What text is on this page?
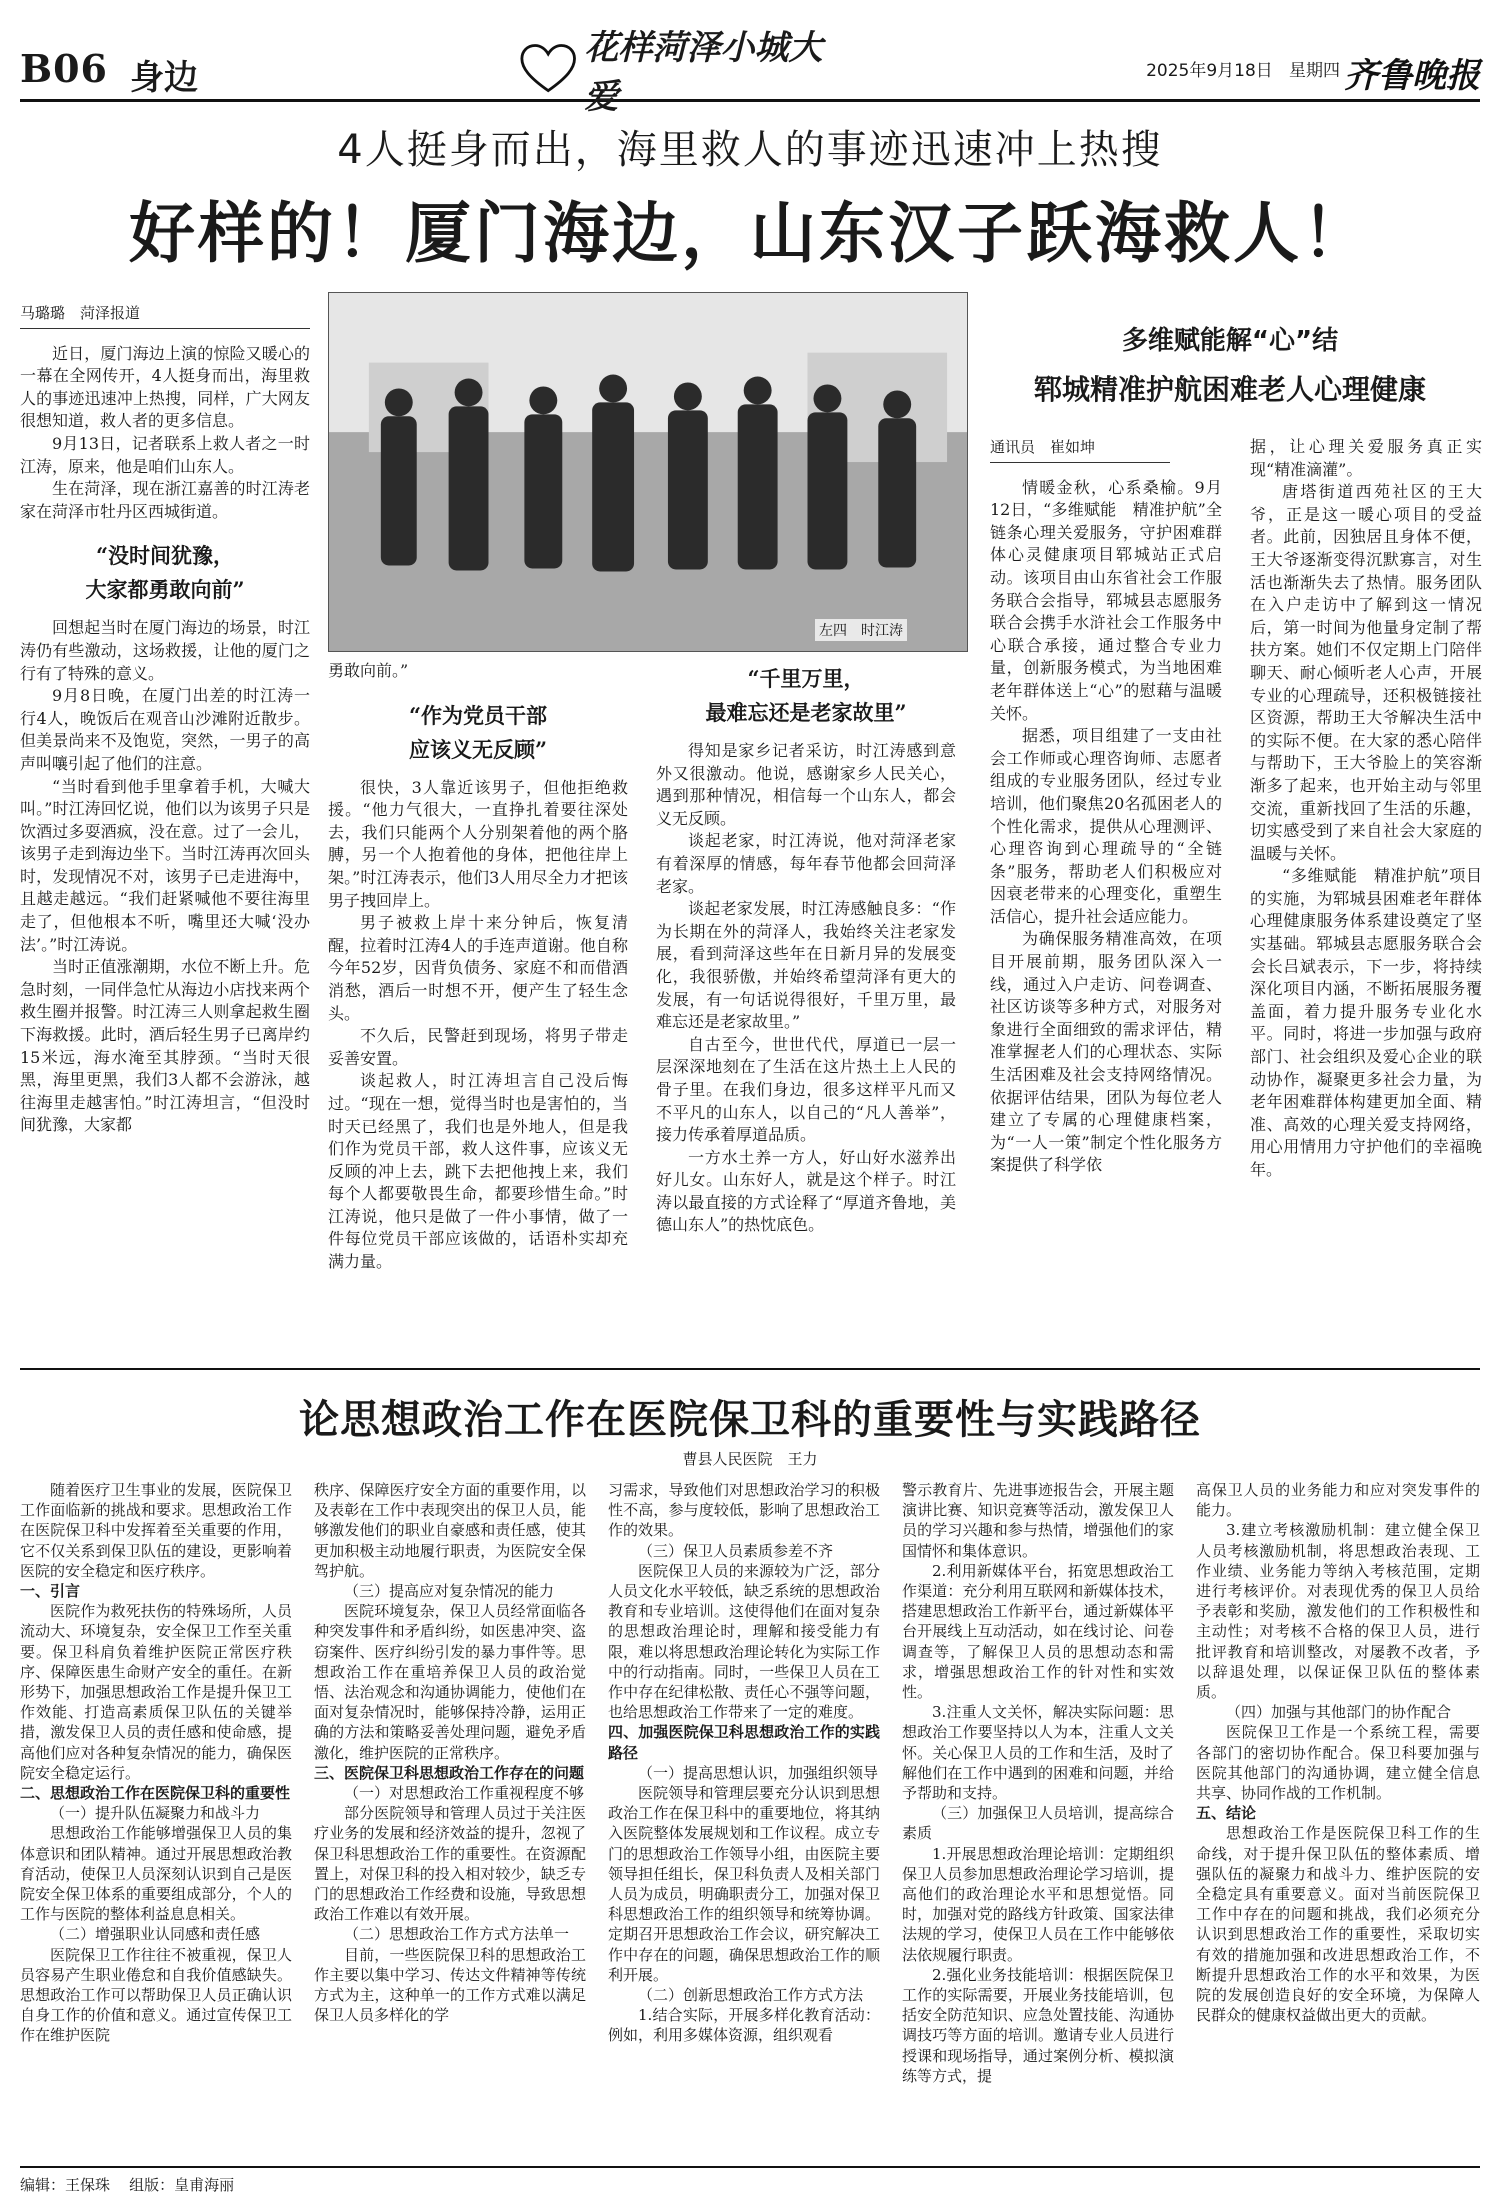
B06 身边
花样菏泽小城大爱
2025年9月18日 星期四 齐鲁晚报
4人挺身而出，海里救人的事迹迅速冲上热搜
好样的！厦门海边，山东汉子跃海救人！
马璐璐　菏泽报道

近日，厦门海边上演的惊险又暖心的一幕在全网传开，4人挺身而出，海里救人的事迹迅速冲上热搜，同样，广大网友很想知道，救人者的更多信息。

9月13日，记者联系上救人者之一时江涛，原来，他是咱们山东人。

生在菏泽，现在浙江嘉善的时江涛老家在菏泽市牡丹区西城街道。

“没时间犹豫，
大家都勇敢向前”

回想起当时在厦门海边的场景，时江涛仍有些激动，这场救援，让他的厦门之行有了特殊的意义。

9月8日晚，在厦门出差的时江涛一行4人，晚饭后在观音山沙滩附近散步。但美景尚来不及饱览，突然，一男子的高声叫嚷引起了他们的注意。

“当时看到他手里拿着手机，大喊大叫。”时江涛回忆说，他们以为该男子只是饮酒过多耍酒疯，没在意。过了一会儿，该男子走到海边坐下。当时江涛再次回头时，发现情况不对，该男子已走进海中，且越走越远。“我们赶紧喊他不要往海里走了，但他根本不听，嘴里还大喊‘没办法’。”时江涛说。

当时正值涨潮期，水位不断上升。危急时刻，一同伴急忙从海边小店找来两个救生圈并报警。时江涛三人则拿起救生圈下海救援。此时，酒后轻生男子已离岸约15米远，海水淹至其脖颈。“当时天很黑，海里更黑，我们3人都不会游泳，越往海里走越害怕。”时江涛坦言，“但没时间犹豫，大家都

左四　时江涛

勇敢向前。”

“作为党员干部
应该义无反顾”

很快，3人靠近该男子，但他拒绝救援。“他力气很大，一直挣扎着要往深处去，我们只能两个人分别架着他的两个胳膊，另一个人抱着他的身体，把他往岸上架。”时江涛表示，他们3人用尽全力才把该男子拽回岸上。

男子被救上岸十来分钟后，恢复清醒，拉着时江涛4人的手连声道谢。他自称今年52岁，因背负债务、家庭不和而借酒消愁，酒后一时想不开，便产生了轻生念头。

不久后，民警赶到现场，将男子带走妥善安置。

谈起救人，时江涛坦言自己没后悔过。“现在一想，觉得当时也是害怕的，当时天已经黑了，我们也是外地人，但是我们作为党员干部，救人这件事，应该义无反顾的冲上去，跳下去把他拽上来，我们每个人都要敬畏生命，都要珍惜生命。”时江涛说，他只是做了一件小事情，做了一件每位党员干部应该做的，话语朴实却充满力量。

“千里万里，
最难忘还是老家故里”

得知是家乡记者采访，时江涛感到意外又很激动。他说，感谢家乡人民关心，遇到那种情况，相信每一个山东人，都会义无反顾。

谈起老家，时江涛说，他对菏泽老家有着深厚的情感，每年春节他都会回菏泽老家。

谈起老家发展，时江涛感触良多：“作为长期在外的菏泽人，我始终关注老家发展，看到菏泽这些年在日新月异的发展变化，我很骄傲，并始终希望菏泽有更大的发展，有一句话说得很好，千里万里，最难忘还是老家故里。”

自古至今，世世代代，厚道已一层一层深深地刻在了生活在这片热土上人民的骨子里。在我们身边，很多这样平凡而又不平凡的山东人，以自己的“凡人善举”，接力传承着厚道品质。

一方水土养一方人，好山好水滋养出好儿女。山东好人，就是这个样子。时江涛以最直接的方式诠释了“厚道齐鲁地，美德山东人”的热忱底色。

多维赋能解“心”结
郓城精准护航困难老人心理健康
通讯员　崔如坤

情暖金秋，心系桑榆。9月12日，“多维赋能　精准护航”全链条心理关爱服务，守护困难群体心灵健康项目郓城站正式启动。该项目由山东省社会工作服务联合会指导，郓城县志愿服务联合会携手水浒社会工作服务中心联合承接，通过整合专业力量，创新服务模式，为当地困难老年群体送上“心”的慰藉与温暖关怀。

据悉，项目组建了一支由社会工作师或心理咨询师、志愿者组成的专业服务团队，经过专业培训，他们聚焦20名孤困老人的个性化需求，提供从心理测评、心理咨询到心理疏导的“全链条”服务，帮助老人们积极应对因衰老带来的心理变化，重塑生活信心，提升社会适应能力。

为确保服务精准高效，在项目开展前期，服务团队深入一线，通过入户走访、问卷调查、社区访谈等多种方式，对服务对象进行全面细致的需求评估，精准掌握老人们的心理状态、实际生活困难及社会支持网络情况。依据评估结果，团队为每位老人建立了专属的心理健康档案，为“一人一策”制定个性化服务方案提供了科学依

据，让心理关爱服务真正实现“精准滴灌”。

唐塔街道西苑社区的王大爷，正是这一暖心项目的受益者。此前，因独居且身体不便，王大爷逐渐变得沉默寡言，对生活也渐渐失去了热情。服务团队在入户走访中了解到这一情况后，第一时间为他量身定制了帮扶方案。她们不仅定期上门陪伴聊天、耐心倾听老人心声，开展专业的心理疏导，还积极链接社区资源，帮助王大爷解决生活中的实际不便。在大家的悉心陪伴与帮助下，王大爷脸上的笑容渐渐多了起来，也开始主动与邻里交流，重新找回了生活的乐趣，切实感受到了来自社会大家庭的温暖与关怀。

“多维赋能　精准护航”项目的实施，为郓城县困难老年群体心理健康服务体系建设奠定了坚实基础。郓城县志愿服务联合会会长吕斌表示，下一步，将持续深化项目内涵，不断拓展服务覆盖面，着力提升服务专业化水平。同时，将进一步加强与政府部门、社会组织及爱心企业的联动协作，凝聚更多社会力量，为老年困难群体构建更加全面、精准、高效的心理关爱支持网络，用心用情用力守护他们的幸福晚年。

论思想政治工作在医院保卫科的重要性与实践路径
曹县人民医院　王力

随着医疗卫生事业的发展，医院保卫工作面临新的挑战和要求。思想政治工作在医院保卫科中发挥着至关重要的作用，它不仅关系到保卫队伍的建设，更影响着医院的安全稳定和医疗秩序。

一、引言

医院作为救死扶伤的特殊场所，人员流动大、环境复杂，安全保卫工作至关重要。保卫科肩负着维护医院正常医疗秩序、保障医患生命财产安全的重任。在新形势下，加强思想政治工作是提升保卫工作效能、打造高素质保卫队伍的关键举措，激发保卫人员的责任感和使命感，提高他们应对各种复杂情况的能力，确保医院安全稳定运行。

二、思想政治工作在医院保卫科的重要性

（一）提升队伍凝聚力和战斗力

思想政治工作能够增强保卫人员的集体意识和团队精神。通过开展思想政治教育活动，使保卫人员深刻认识到自己是医院安全保卫体系的重要组成部分，个人的工作与医院的整体利益息息相关。

（二）增强职业认同感和责任感

医院保卫工作往往不被重视，保卫人员容易产生职业倦怠和自我价值感缺失。思想政治工作可以帮助保卫人员正确认识自身工作的价值和意义。通过宣传保卫工作在维护医院

秩序、保障医疗安全方面的重要作用，以及表彰在工作中表现突出的保卫人员，能够激发他们的职业自豪感和责任感，使其更加积极主动地履行职责，为医院安全保驾护航。

（三）提高应对复杂情况的能力

医院环境复杂，保卫人员经常面临各种突发事件和矛盾纠纷，如医患冲突、盗窃案件、医疗纠纷引发的暴力事件等。思想政治工作在重培养保卫人员的政治觉悟、法治观念和沟通协调能力，使他们在面对复杂情况时，能够保持冷静，运用正确的方法和策略妥善处理问题，避免矛盾激化，维护医院的正常秩序。

三、医院保卫科思想政治工作存在的问题

（一）对思想政治工作重视程度不够

部分医院领导和管理人员过于关注医疗业务的发展和经济效益的提升，忽视了保卫科思想政治工作的重要性。在资源配置上，对保卫科的投入相对较少，缺乏专门的思想政治工作经费和设施，导致思想政治工作难以有效开展。

（二）思想政治工作方式方法单一

目前，一些医院保卫科的思想政治工作主要以集中学习、传达文件精神等传统方式为主，这种单一的工作方式难以满足保卫人员多样化的学

习需求，导致他们对思想政治学习的积极性不高，参与度较低，影响了思想政治工作的效果。

（三）保卫人员素质参差不齐

医院保卫人员的来源较为广泛，部分人员文化水平较低，缺乏系统的思想政治教育和专业培训。这使得他们在面对复杂的思想政治理论时，理解和接受能力有限，难以将思想政治理论转化为实际工作中的行动指南。同时，一些保卫人员在工作中存在纪律松散、责任心不强等问题，也给思想政治工作带来了一定的难度。

四、加强医院保卫科思想政治工作的实践路径

（一）提高思想认识，加强组织领导

医院领导和管理层要充分认识到思想政治工作在保卫科中的重要地位，将其纳入医院整体发展规划和工作议程。成立专门的思想政治工作领导小组，由医院主要领导担任组长，保卫科负责人及相关部门人员为成员，明确职责分工，加强对保卫科思想政治工作的组织领导和统筹协调。定期召开思想政治工作会议，研究解决工作中存在的问题，确保思想政治工作的顺利开展。

（二）创新思想政治工作方式方法

1.结合实际，开展多样化教育活动：例如，利用多媒体资源，组织观看

警示教育片、先进事迹报告会，开展主题演讲比赛、知识竞赛等活动，激发保卫人员的学习兴趣和参与热情，增强他们的家国情怀和集体意识。

2.利用新媒体平台，拓宽思想政治工作渠道：充分利用互联网和新媒体技术，搭建思想政治工作新平台，通过新媒体平台开展线上互动活动，如在线讨论、问卷调查等，了解保卫人员的思想动态和需求，增强思想政治工作的针对性和实效性。

3.注重人文关怀，解决实际问题：思想政治工作要坚持以人为本，注重人文关怀。关心保卫人员的工作和生活，及时了解他们在工作中遇到的困难和问题，并给予帮助和支持。

（三）加强保卫人员培训，提高综合素质

1.开展思想政治理论培训：定期组织保卫人员参加思想政治理论学习培训，提高他们的政治理论水平和思想觉悟。同时，加强对党的路线方针政策、国家法律法规的学习，使保卫人员在工作中能够依法依规履行职责。

2.强化业务技能培训：根据医院保卫工作的实际需要，开展业务技能培训，包括安全防范知识、应急处置技能、沟通协调技巧等方面的培训。邀请专业人员进行授课和现场指导，通过案例分析、模拟演练等方式，提

高保卫人员的业务能力和应对突发事件的能力。

3.建立考核激励机制：建立健全保卫人员考核激励机制，将思想政治表现、工作业绩、业务能力等纳入考核范围，定期进行考核评价。对表现优秀的保卫人员给予表彰和奖励，激发他们的工作积极性和主动性；对考核不合格的保卫人员，进行批评教育和培训整改，对屡教不改者，予以辞退处理，以保证保卫队伍的整体素质。

（四）加强与其他部门的协作配合

医院保卫工作是一个系统工程，需要各部门的密切协作配合。保卫科要加强与医院其他部门的沟通协调，建立健全信息共享、协同作战的工作机制。

五、结论

思想政治工作是医院保卫科工作的生命线，对于提升保卫队伍的整体素质、增强队伍的凝聚力和战斗力、维护医院的安全稳定具有重要意义。面对当前医院保卫工作中存在的问题和挑战，我们必须充分认识到思想政治工作的重要性，采取切实有效的措施加强和改进思想政治工作，不断提升思想政治工作的水平和效果，为医院的发展创造良好的安全环境，为保障人民群众的健康权益做出更大的贡献。

编辑：王保珠 组版：皇甫海丽
